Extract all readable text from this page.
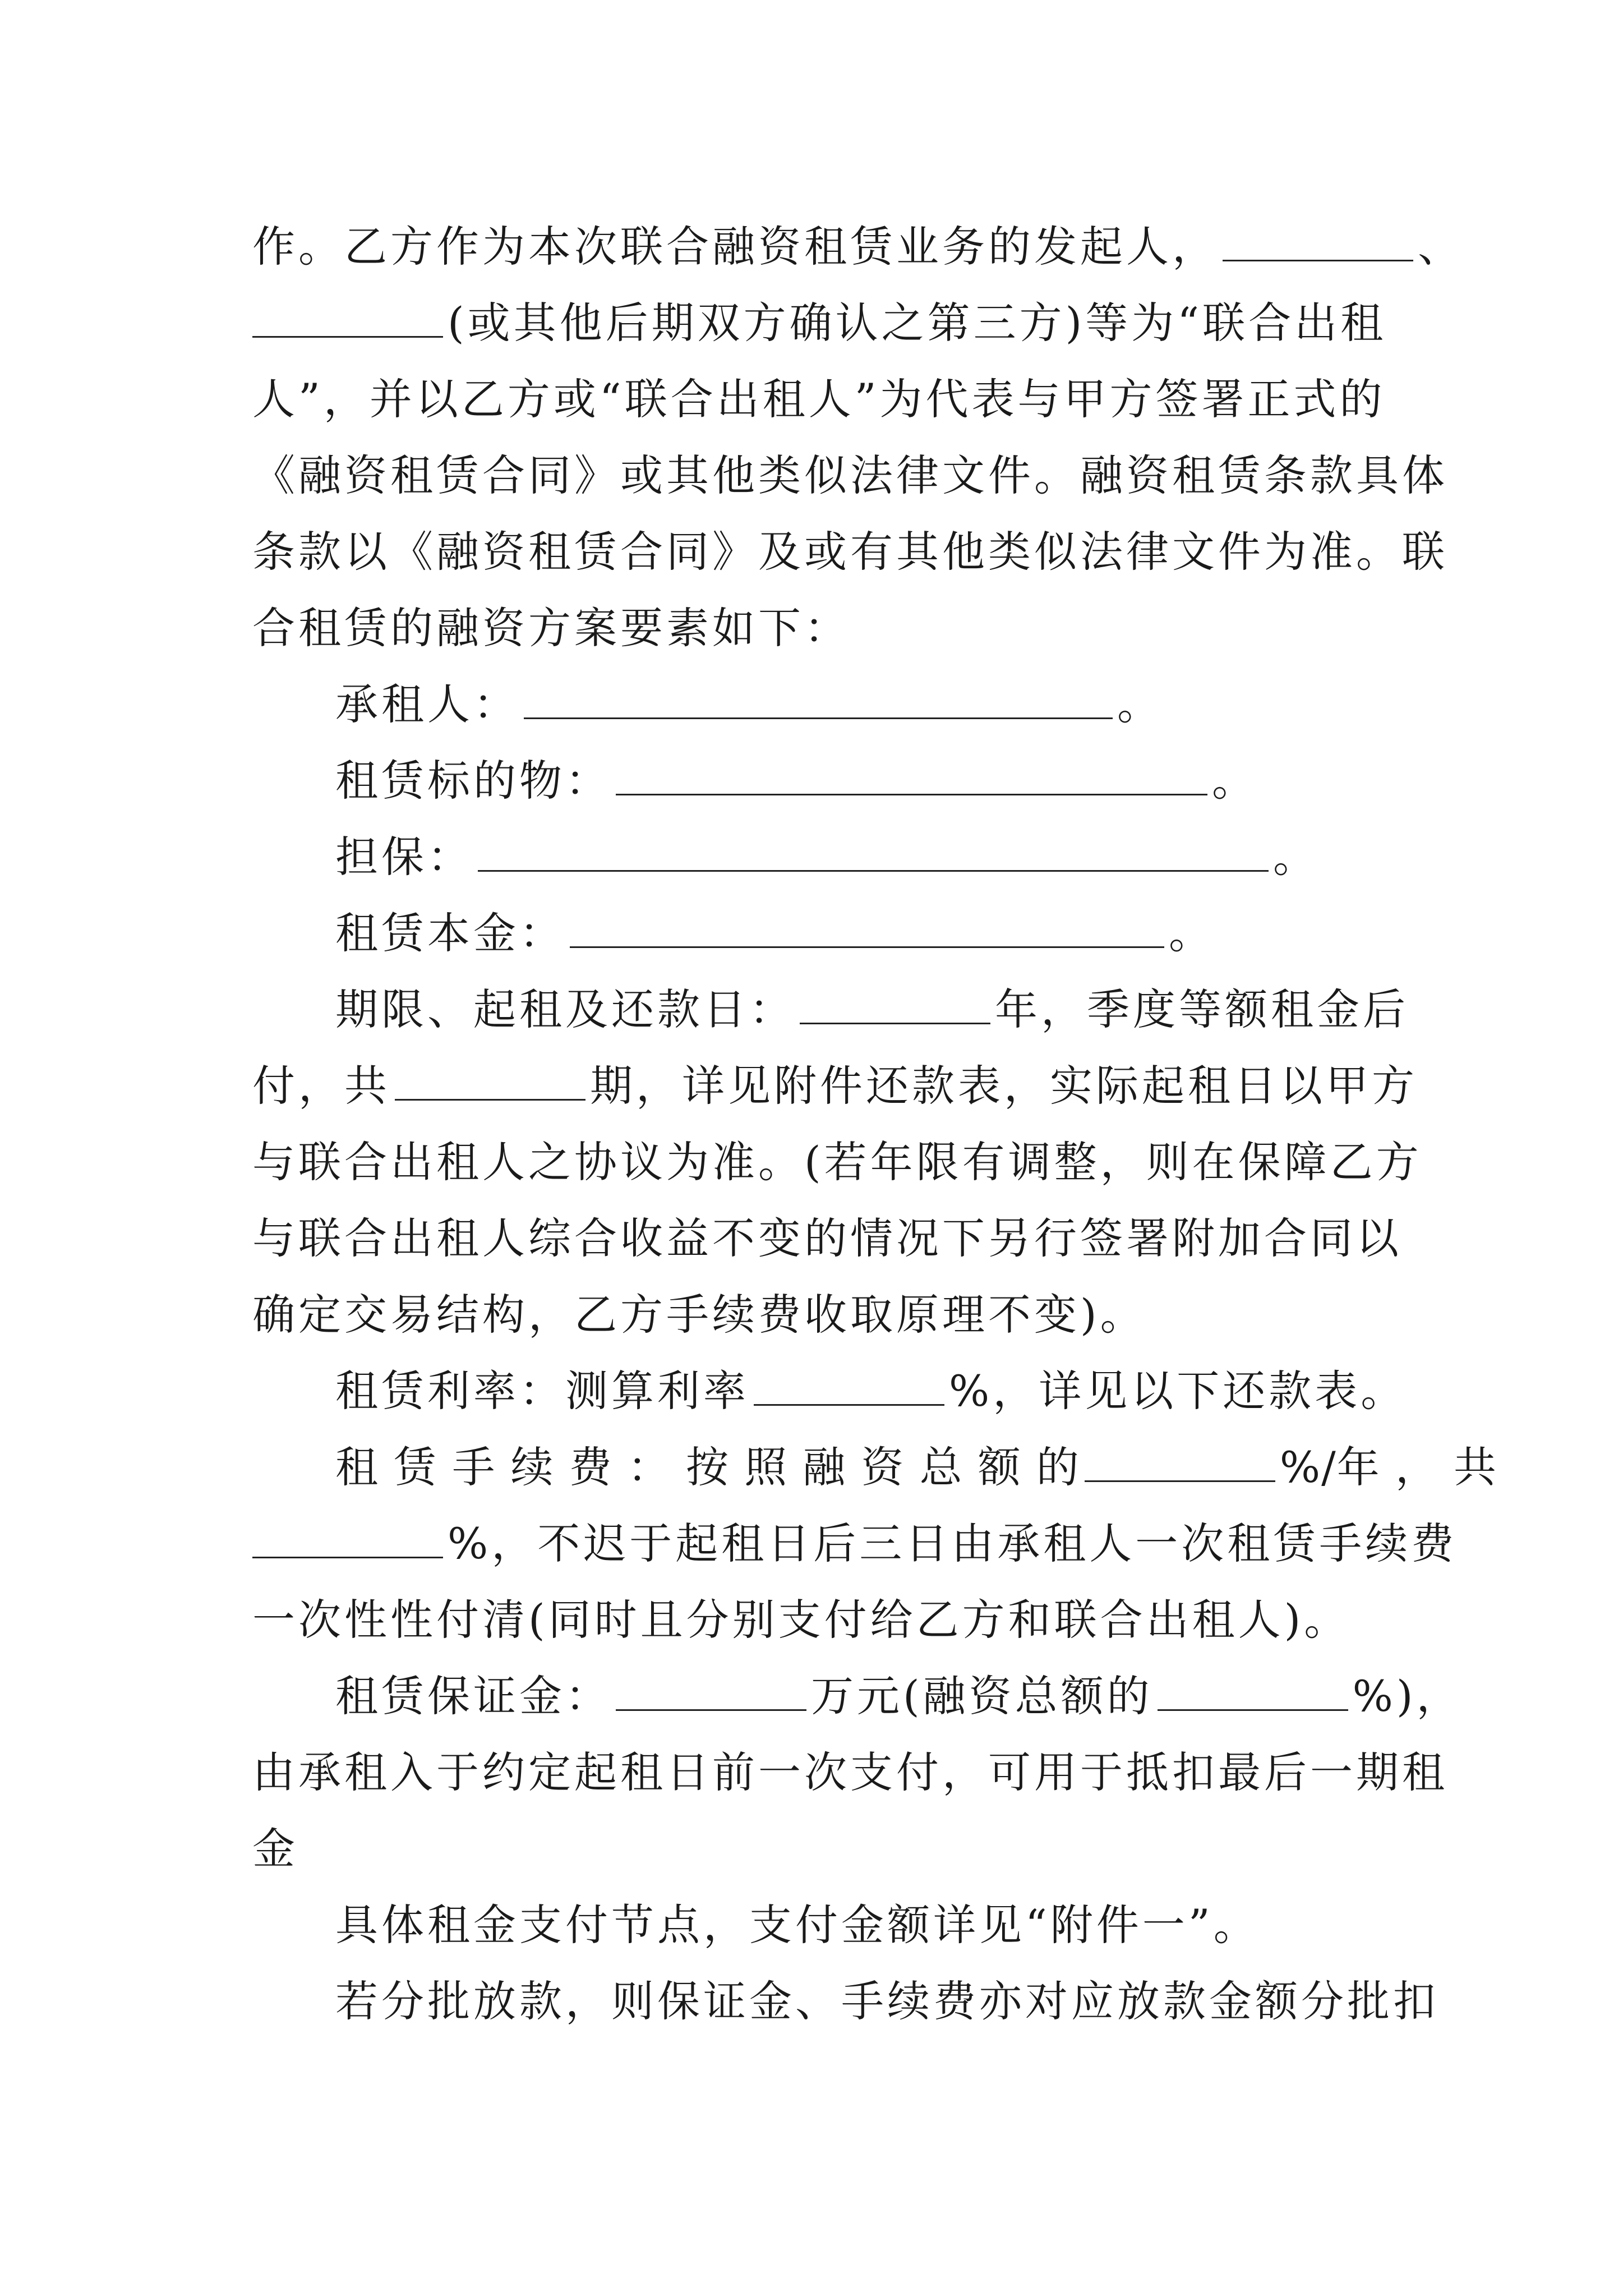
作。乙方作为本次联合融资租赁业务的发起人，	、
(或其他后期双方确认之第三方)等为“联合出租
人”，并以乙方或“联合出租人”为代表与甲方签署正式的
《融资租赁合同》或其他类似法律文件。融资租赁条款具体
条款以《融资租赁合同》及或有其他类似法律文件为准。联
合租赁的融资方案要素如下：
承租人：	。
租赁标的物：	。
担保：	。
租赁本金：	。
期限、起租及还款日：	年，季度等额租金后
付，共	期，详见附件还款表，实际起租日以甲方
与联合出租人之协议为准。(若年限有调整，则在保障乙方
与联合出租人综合收益不变的情况下另行签署附加合同以
确定交易结构，乙方手续费收取原理不变)。
租赁利率：测算利率	%，详见以下还款表。
租 赁 手 续 费 ： 按 照 融 资 总 额 的	%/年 ， 共
%，不迟于起租日后三日由承租人一次租赁手续费
一次性性付清(同时且分别支付给乙方和联合出租人)。
租赁保证金：	万元(融资总额的	%)，
由承租入于约定起租日前一次支付，可用于抵扣最后一期租
金
具体租金支付节点，支付金额详见“附件一”。
若分批放款，则保证金、手续费亦对应放款金额分批扣
